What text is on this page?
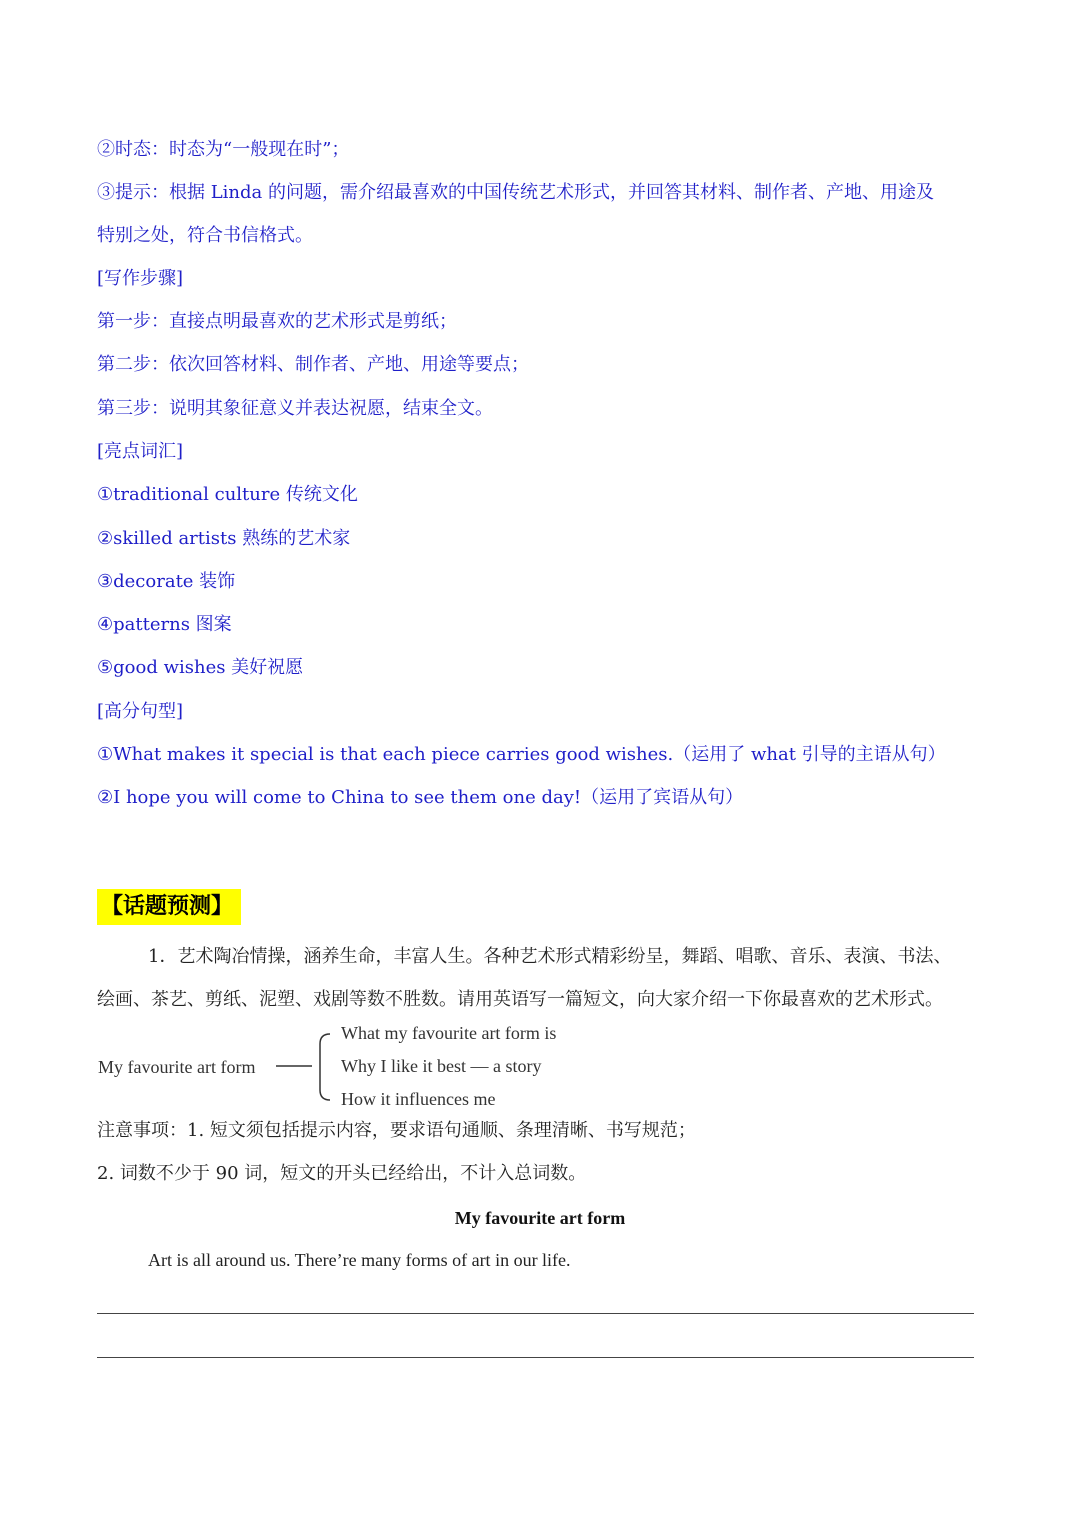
②时态：时态为“一般现在时”；

③提示：根据 Linda 的问题，需介绍最喜欢的中国传统艺术形式，并回答其材料、制作者、产地、用途及

特别之处，符合书信格式。

[写作步骤]

第一步：直接点明最喜欢的艺术形式是剪纸；

第二步：依次回答材料、制作者、产地、用途等要点；

第三步：说明其象征意义并表达祝愿，结束全文。

[亮点词汇]

①traditional culture 传统文化

②skilled artists 熟练的艺术家

③decorate 装饰

④patterns 图案

⑤good wishes 美好祝愿

[高分句型]

①What makes it special is that each piece carries good wishes.（运用了 what 引导的主语从句）

②I hope you will come to China to see them one day!（运用了宾语从句）

【话题预测】

1．艺术陶冶情操，涵养生命，丰富人生。各种艺术形式精彩纷呈，舞蹈、唱歌、音乐、表演、书法、

绘画、茶艺、剪纸、泥塑、戏剧等数不胜数。请用英语写一篇短文，向大家介绍一下你最喜欢的艺术形式。

My favourite art form
What my favourite art form is
Why I like it best — a story
How it influences me

注意事项：1. 短文须包括提示内容，要求语句通顺、条理清晰、书写规范；

2. 词数不少于 90 词，短文的开头已经给出，不计入总词数。

My favourite art form

Art is all around us. There’re many forms of art in our life.
